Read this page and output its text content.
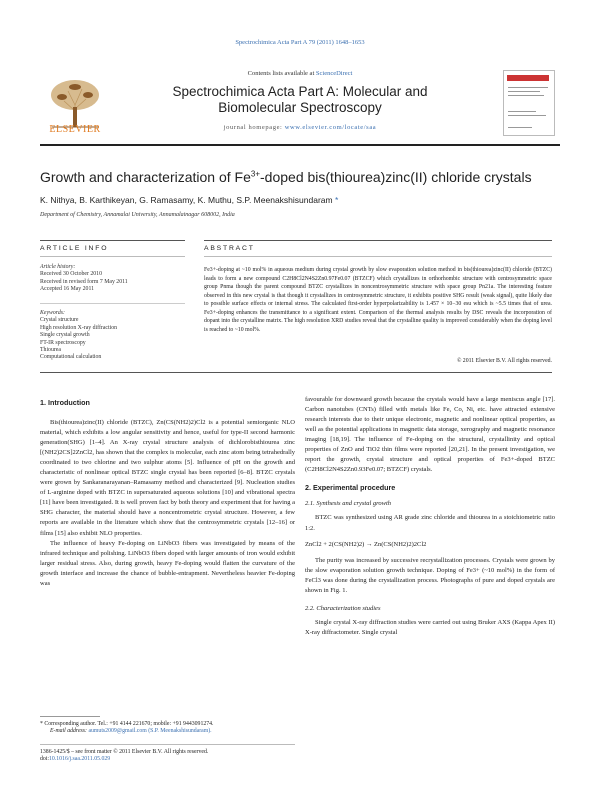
Spectrochimica Acta Part A 79 (2011) 1648–1653
Contents lists available at ScienceDirect
ELSEVIER
Spectrochimica Acta Part A: Molecular and
Biomolecular Spectroscopy
journal homepage: www.elsevier.com/locate/saa
Growth and characterization of $Fe^{3+}$-doped bis(thiourea)zinc(II) chloride crystals
K. Nithya, B. Karthikeyan, G. Ramasamy, K. Muthu, S.P. Meenakshisundaram *
Department of Chemistry, Annamalai University, Annamalainagar 608002, India
ARTICLE INFO	ABSTRACT
Article history:
Received 30 October 2010
Received in revised form 7 May 2011
Accepted 16 May 2011
Keywords:
Crystal structure
High resolution X-ray diffraction
Single crystal growth
FT-IR spectroscopy
Thiourea
Computational calculation
Fe3+-doping at ~10 mol% in aqueous medium during crystal growth by slow evaporation solution method in bis(thiourea)zinc(II) chloride (BTZC) leads to form a new compound C2H8Cl2N4S2Zn0.97Fe0.07 (BTZCF) which crystallizes in orthorhombic structure with centrosymmetric space group Pnma though the parent compound BTZC crystallizes in noncentrosymmetric structure with space group Pn21a. The interesting feature observed in this new crystal is that though it crystallizes in centrosymmetric structure, it exhibits positive SHG result (weak signal), quite likely due to possible surface effects or internal stress. The calculated first-order hyperpolarizability is 1.457 × 10−30 esu which is ~5.5 times that of urea. Fe3+-doping enhances the transmittance to a significant extent. Comparison of the thermal analysis results by DSC reveals the incorporation of dopant into the crystalline matrix. The high resolution XRD studies reveal that the crystalline quality is improved considerably when the doping level is reached to ~10 mol%.
© 2011 Elsevier B.V. All rights reserved.
1. Introduction

Bis(thiourea)zinc(II) chloride (BTZC), Zn(CS(NH2)2)Cl2 is a potential semiorganic NLO material, which exhibits a low angular sensitivity and hence, useful for type-II second harmonic generation(SHG) [1–4]. An X-ray crystal structure analysis of dichlorobisthiourea zinc [(NH2)2CS]2ZnCl2, has shown that the complex is molecular, each zinc atom being tetrahedrally coordinated to two chlorine and two sulphur atoms [5]. Influence of pH on the growth and characteristic of nonlinear optical BTZC single crystal has been reported [6–8]. BTZC crystals were grown by Sankaranarayanan–Ramasamy method and characterized [9]. Nucleation studies of L-arginine doped with BTZC in supersaturated aqueous solutions [10] and vibrational spectra [11] have been investigated. It is well proven fact by both theory and experiment that for having a SHG character, the material should have a noncentrometric crystal structure. However, a few reports are available in the literature which show that the centrosymmetric crystals [12–16] or films [15] also exhibit NLO properties.

The influence of heavy Fe-doping on LiNbO3 fibers was investigated by means of the infrared technique and polishing. LiNbO3 fibers doped with larger amounts of iron would exhibit larger residual stress. Also, during growth, heavy Fe-doping would flatten the curvature of the growth interface and increase the chance of bubble-entrapment. Nevertheless heavier Fe-doping was

favourable for downward growth because the crystals would have a large meniscus angle [17]. Carbon nanotubes (CNTs) filled with metals like Fe, Co, Ni, etc. have attracted extensive research interests due to their unique electronic, magnetic and nonlinear optical properties, as well as the potential applications in magnetic data storage, xerography and magnetic resonance imaging [18,19]. The influence of Fe-doping on the structural, crystallinity and optical properties of ZnO and TiO2 thin films were reported [20,21]. In the present investigation, we report the growth, crystal structure and optical properties of Fe3+-doped BTZC (C2H8Cl2N4S2Zn0.93Fe0.07; BTZCF) crystals.

2. Experimental procedure
2.1. Synthesis and crystal growth

BTZC was synthesized using AR grade zinc chloride and thiourea in a stoichiometric ratio 1:2.

ZnCl2 + 2(CS(NH2)2) → Zn(CS(NH2)2)2Cl2

The purity was increased by successive recrystallization processes. Crystals were grown by the slow evaporation solution growth technique. Doping of Fe3+ (~10 mol%) in the form of FeCl3 was done during the crystallization process. Photographs of pure and doped crystals are shown in Fig. 1.

2.2. Characterization studies

Single crystal X-ray diffraction studies were carried out using Bruker AXS (Kappa Apex II) X-ray diffractometer. Single crystal

* Corresponding author. Tel.: +91 4144 221670; mobile: +91 9443091274.
E-mail address: aumuts2009@gmail.com (S.P. Meenakshisundaram).
1386-1425/$ – see front matter © 2011 Elsevier B.V. All rights reserved.
doi:10.1016/j.saa.2011.05.029
